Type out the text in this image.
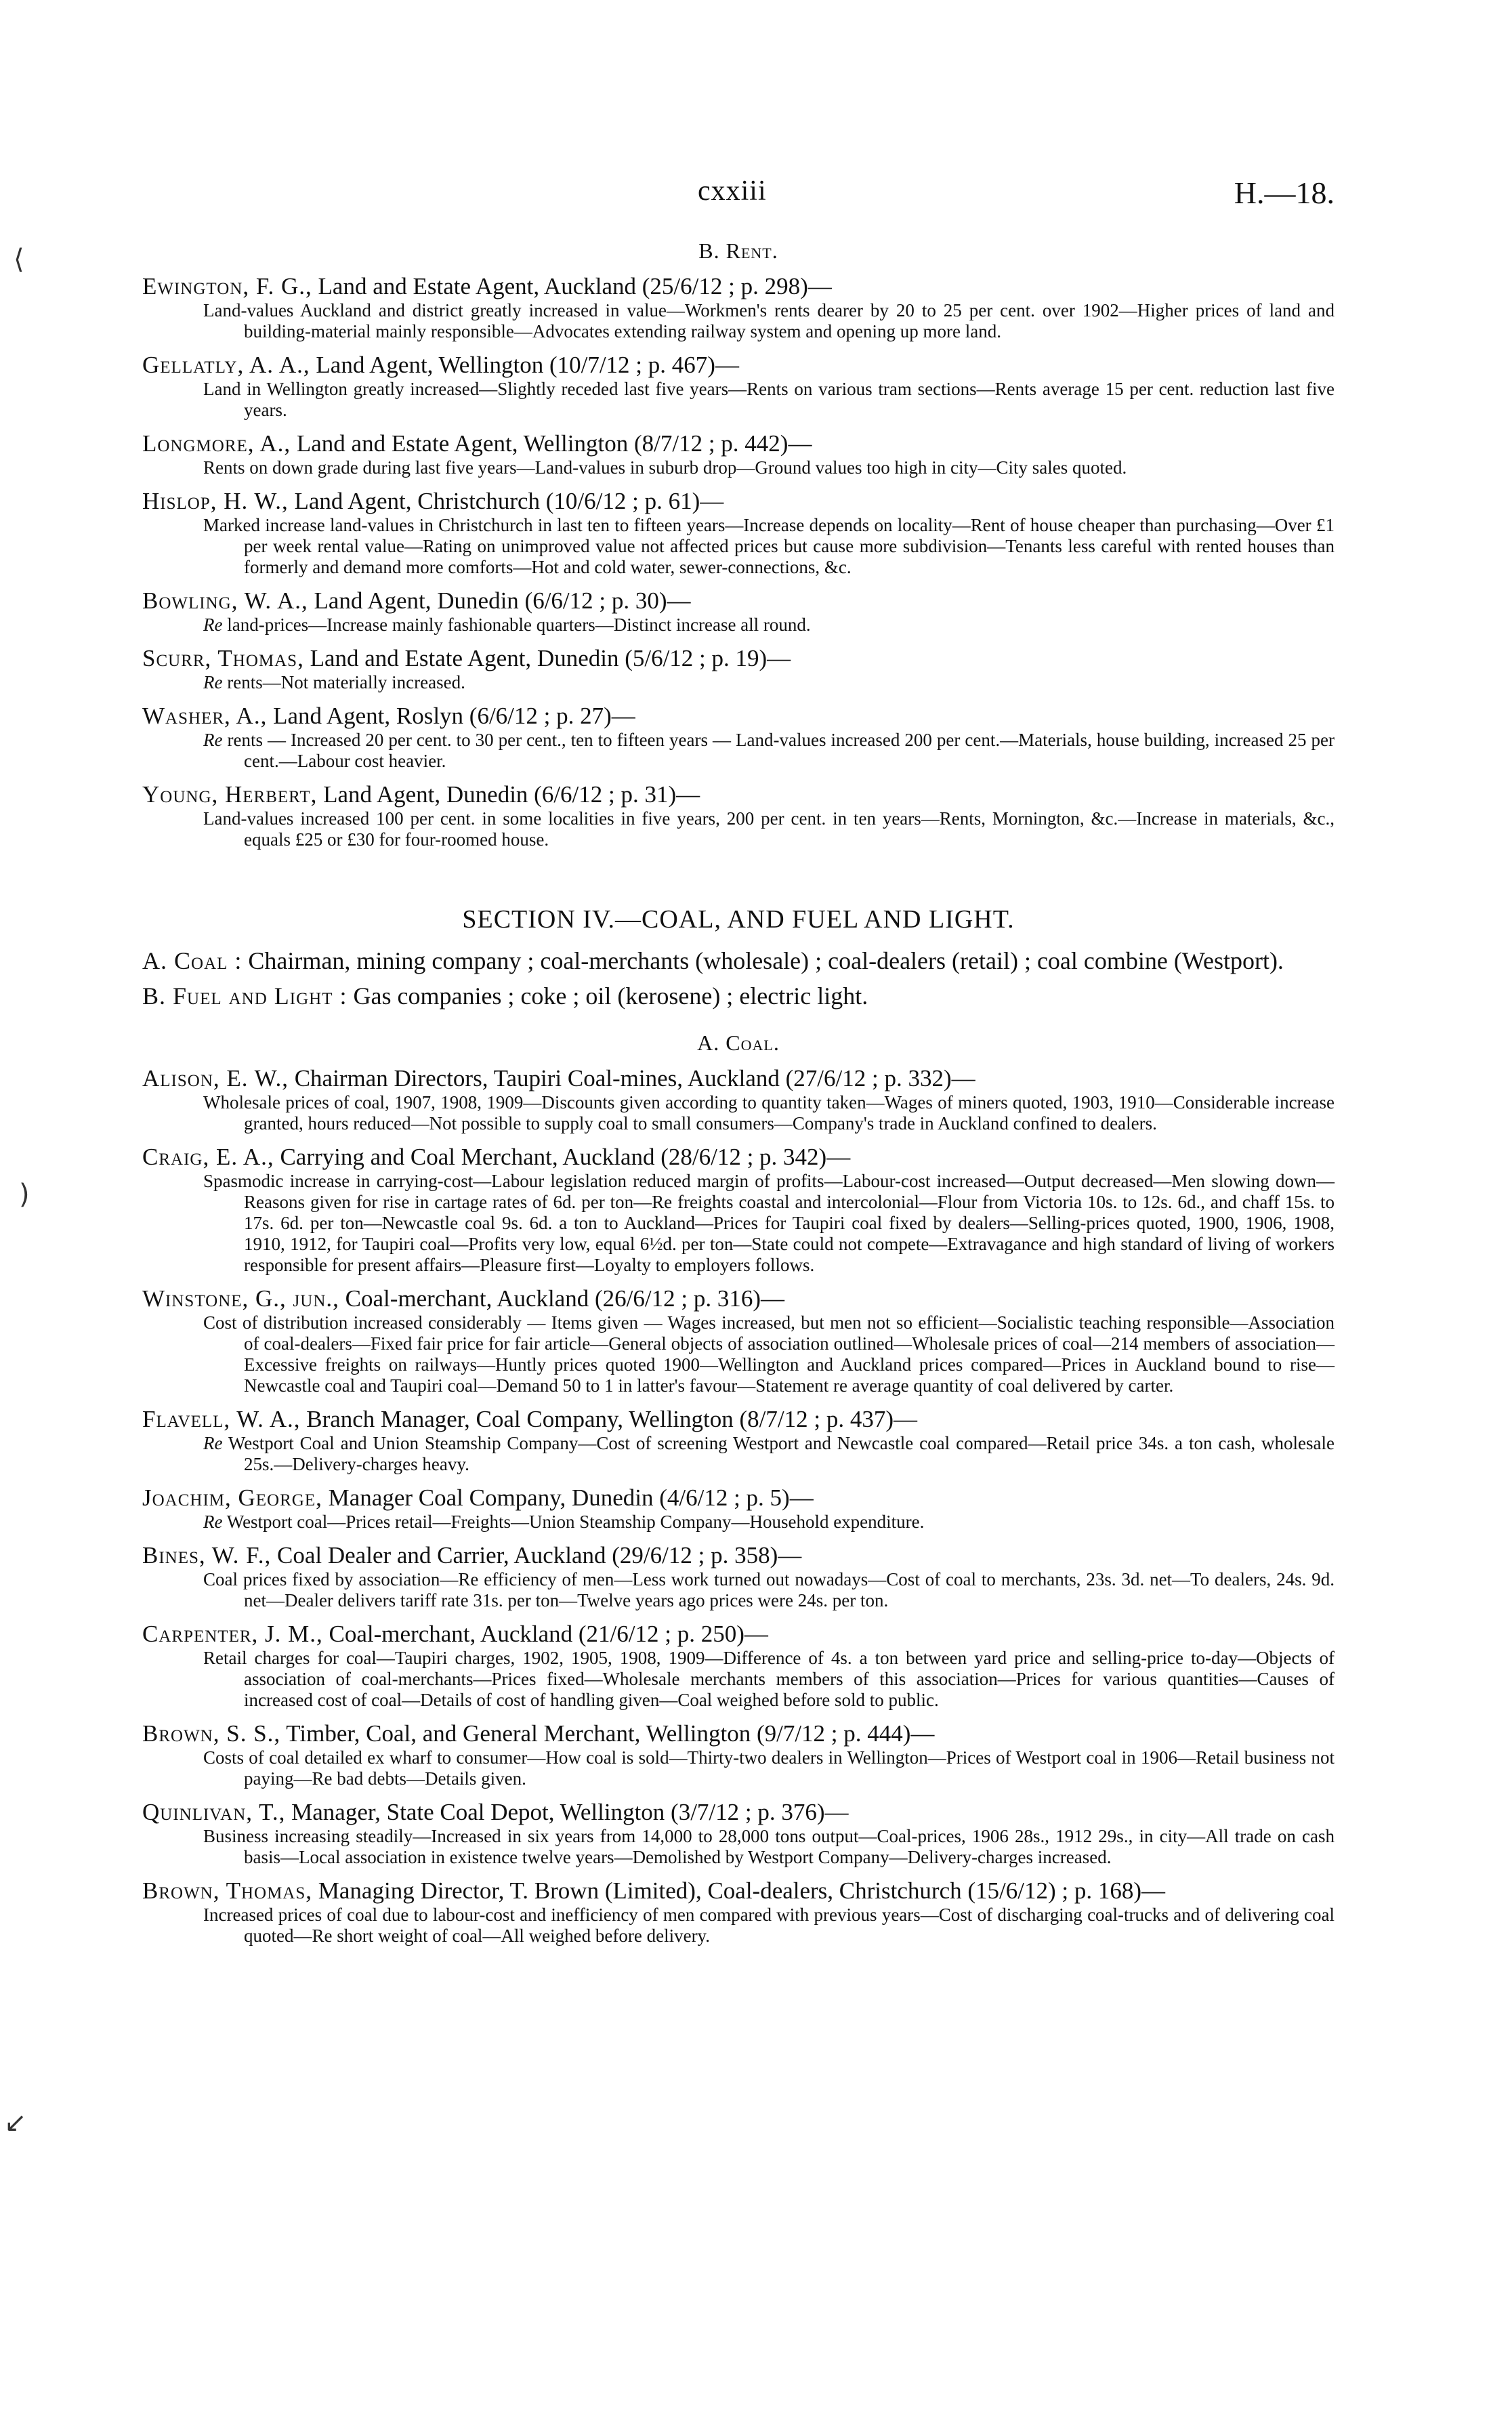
⟨
)
↙
cxxiii	H.—18.
B. Rent.
Ewington, F. G., Land and Estate Agent, Auckland (25/6/12 ; p. 298)—

Land-values Auckland and district greatly increased in value—Workmen's rents dearer by 20 to 25 per cent. over 1902—Higher prices of land and building-material mainly responsible—Advocates extending railway system and opening up more land.

Gellatly, A. A., Land Agent, Wellington (10/7/12 ; p. 467)—

Land in Wellington greatly increased—Slightly receded last five years—Rents on various tram sections—Rents average 15 per cent. reduction last five years.

Longmore, A., Land and Estate Agent, Wellington (8/7/12 ; p. 442)—

Rents on down grade during last five years—Land-values in suburb drop—Ground values too high in city—City sales quoted.

Hislop, H. W., Land Agent, Christchurch (10/6/12 ; p. 61)—

Marked increase land-values in Christchurch in last ten to fifteen years—Increase depends on locality—Rent of house cheaper than purchasing—Over £1 per week rental value—Rating on unimproved value not affected prices but cause more subdivision—Tenants less careful with rented houses than formerly and demand more comforts—Hot and cold water, sewer-connections, &c.

Bowling, W. A., Land Agent, Dunedin (6/6/12 ; p. 30)—

Re land-prices—Increase mainly fashionable quarters—Distinct increase all round.

Scurr, Thomas, Land and Estate Agent, Dunedin (5/6/12 ; p. 19)—

Re rents—Not materially increased.

Washer, A., Land Agent, Roslyn (6/6/12 ; p. 27)—

Re rents — Increased 20 per cent. to 30 per cent., ten to fifteen years — Land-values increased 200 per cent.—Materials, house building, increased 25 per cent.—Labour cost heavier.

Young, Herbert, Land Agent, Dunedin (6/6/12 ; p. 31)—

Land-values increased 100 per cent. in some localities in five years, 200 per cent. in ten years—Rents, Mornington, &c.—Increase in materials, &c., equals £25 or £30 for four-roomed house.

SECTION IV.—COAL, AND FUEL AND LIGHT.
A. Coal : Chairman, mining company ; coal-merchants (wholesale) ; coal-dealers (retail) ; coal combine (Westport).
B. Fuel and Light : Gas companies ; coke ; oil (kerosene) ; electric light.
A. Coal.
Alison, E. W., Chairman Directors, Taupiri Coal-mines, Auckland (27/6/12 ; p. 332)—

Wholesale prices of coal, 1907, 1908, 1909—Discounts given according to quantity taken—Wages of miners quoted, 1903, 1910—Considerable increase granted, hours reduced—Not possible to supply coal to small consumers—Company's trade in Auckland confined to dealers.

Craig, E. A., Carrying and Coal Merchant, Auckland (28/6/12 ; p. 342)—

Spasmodic increase in carrying-cost—Labour legislation reduced margin of profits—Labour-cost increased—Output decreased—Men slowing down—Reasons given for rise in cartage rates of 6d. per ton—Re freights coastal and intercolonial—Flour from Victoria 10s. to 12s. 6d., and chaff 15s. to 17s. 6d. per ton—Newcastle coal 9s. 6d. a ton to Auckland—Prices for Taupiri coal fixed by dealers—Selling-prices quoted, 1900, 1906, 1908, 1910, 1912, for Taupiri coal—Profits very low, equal 6½d. per ton—State could not compete—Extravagance and high standard of living of workers responsible for present affairs—Pleasure first—Loyalty to employers follows.

Winstone, G., jun., Coal-merchant, Auckland (26/6/12 ; p. 316)—

Cost of distribution increased considerably — Items given — Wages increased, but men not so efficient—Socialistic teaching responsible—Association of coal-dealers—Fixed fair price for fair article—General objects of association outlined—Wholesale prices of coal—214 members of association—Excessive freights on railways—Huntly prices quoted 1900—Wellington and Auckland prices compared—Prices in Auckland bound to rise—Newcastle coal and Taupiri coal—Demand 50 to 1 in latter's favour—Statement re average quantity of coal delivered by carter.

Flavell, W. A., Branch Manager, Coal Company, Wellington (8/7/12 ; p. 437)—

Re Westport Coal and Union Steamship Company—Cost of screening Westport and Newcastle coal compared—Retail price 34s. a ton cash, wholesale 25s.—Delivery-charges heavy.

Joachim, George, Manager Coal Company, Dunedin (4/6/12 ; p. 5)—

Re Westport coal—Prices retail—Freights—Union Steamship Company—Household expenditure.

Bines, W. F., Coal Dealer and Carrier, Auckland (29/6/12 ; p. 358)—

Coal prices fixed by association—Re efficiency of men—Less work turned out nowadays—Cost of coal to merchants, 23s. 3d. net—To dealers, 24s. 9d. net—Dealer delivers tariff rate 31s. per ton—Twelve years ago prices were 24s. per ton.

Carpenter, J. M., Coal-merchant, Auckland (21/6/12 ; p. 250)—

Retail charges for coal—Taupiri charges, 1902, 1905, 1908, 1909—Difference of 4s. a ton between yard price and selling-price to-day—Objects of association of coal-merchants—Prices fixed—Wholesale merchants members of this association—Prices for various quantities—Causes of increased cost of coal—Details of cost of handling given—Coal weighed before sold to public.

Brown, S. S., Timber, Coal, and General Merchant, Wellington (9/7/12 ; p. 444)—

Costs of coal detailed ex wharf to consumer—How coal is sold—Thirty-two dealers in Wellington—Prices of Westport coal in 1906—Retail business not paying—Re bad debts—Details given.

Quinlivan, T., Manager, State Coal Depot, Wellington (3/7/12 ; p. 376)—

Business increasing steadily—Increased in six years from 14,000 to 28,000 tons output—Coal-prices, 1906 28s., 1912 29s., in city—All trade on cash basis—Local association in existence twelve years—Demolished by Westport Company—Delivery-charges increased.

Brown, Thomas, Managing Director, T. Brown (Limited), Coal-dealers, Christchurch (15/6/12) ; p. 168)—

Increased prices of coal due to labour-cost and inefficiency of men compared with previous years—Cost of discharging coal-trucks and of delivering coal quoted—Re short weight of coal—All weighed before delivery.
